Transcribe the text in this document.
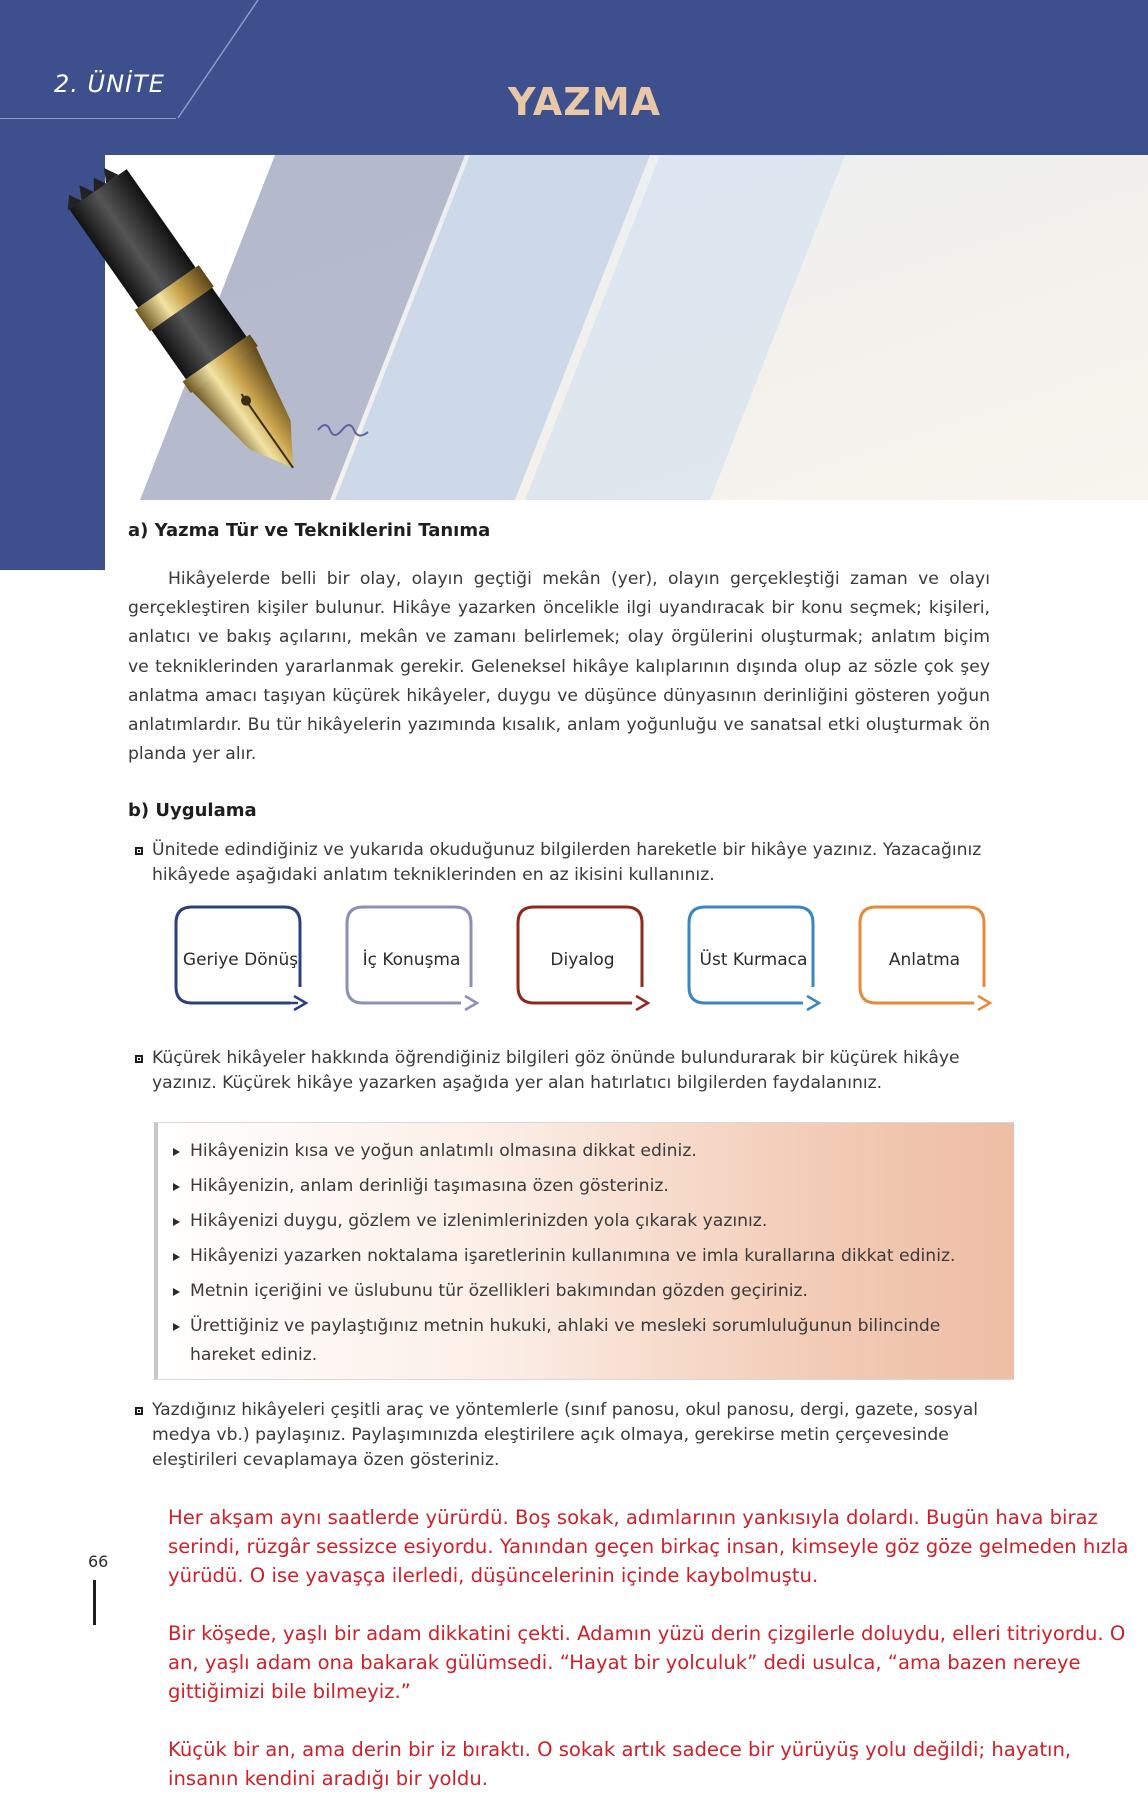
2. ÜNİTE	YAZMA
a) Yazma Tür ve Tekniklerini Tanıma

Hikâyelerde belli bir olay, olayın geçtiği mekân (yer), olayın gerçekleştiği zaman ve olayı gerçekleştiren kişiler bulunur. Hikâye yazarken öncelikle ilgi uyandıracak bir konu seçmek; kişileri, anlatıcı ve bakış açılarını, mekân ve zamanı belirlemek; olay örgülerini oluşturmak; anlatım biçim ve tekniklerinden yararlanmak gerekir. Geleneksel hikâye kalıplarının dışında olup az sözle çok şey anlatma amacı taşıyan küçürek hikâyeler, duygu ve düşünce dünyasının derinliğini gösteren yoğun anlatımlardır. Bu tür hikâyelerin yazımında kısalık, anlam yoğunluğu ve sanatsal etki oluşturmak ön planda yer alır.

b) Uygulama
Ünitede edindiğiniz ve yukarıda okuduğunuz bilgilerden hareketle bir hikâye yazınız. Yazacağınız hikâyede aşağıdaki anlatım tekniklerinden en az ikisini kullanınız.
Geriye Dönüş	İç Konuşma	Diyalog	Üst Kurmaca	Anlatma
Küçürek hikâyeler hakkında öğrendiğiniz bilgileri göz önünde bulundurarak bir küçürek hikâye yazınız. Küçürek hikâye yazarken aşağıda yer alan hatırlatıcı bilgilerden faydalanınız.
Hikâyenizin kısa ve yoğun anlatımlı olmasına dikkat ediniz.
Hikâyenizin, anlam derinliği taşımasına özen gösteriniz.
Hikâyenizi duygu, gözlem ve izlenimlerinizden yola çıkarak yazınız.
Hikâyenizi yazarken noktalama işaretlerinin kullanımına ve imla kurallarına dikkat ediniz.
Metnin içeriğini ve üslubunu tür özellikleri bakımından gözden geçiriniz.
Ürettiğiniz ve paylaştığınız metnin hukuki, ahlaki ve mesleki sorumluluğunun bilincinde hareket ediniz.
Yazdığınız hikâyeleri çeşitli araç ve yöntemlerle (sınıf panosu, okul panosu, dergi, gazete, sosyal medya vb.) paylaşınız. Paylaşımınızda eleştirilere açık olmaya, gerekirse metin çerçevesinde eleştirileri cevaplamaya özen gösteriniz.
66

Her akşam aynı saatlerde yürürdü. Boş sokak, adımlarının yankısıyla dolardı. Bugün hava biraz serindi, rüzgâr sessizce esiyordu. Yanından geçen birkaç insan, kimseyle göz göze gelmeden hızla yürüdü. O ise yavaşça ilerledi, düşüncelerinin içinde kaybolmuştu.

Bir köşede, yaşlı bir adam dikkatini çekti. Adamın yüzü derin çizgilerle doluydu, elleri titriyordu. O an, yaşlı adam ona bakarak gülümsedi. “Hayat bir yolculuk” dedi usulca, “ama bazen nereye gittiğimizi bile bilmeyiz.”

Küçük bir an, ama derin bir iz bıraktı. O sokak artık sadece bir yürüyüş yolu değildi; hayatın, insanın kendini aradığı bir yoldu.
